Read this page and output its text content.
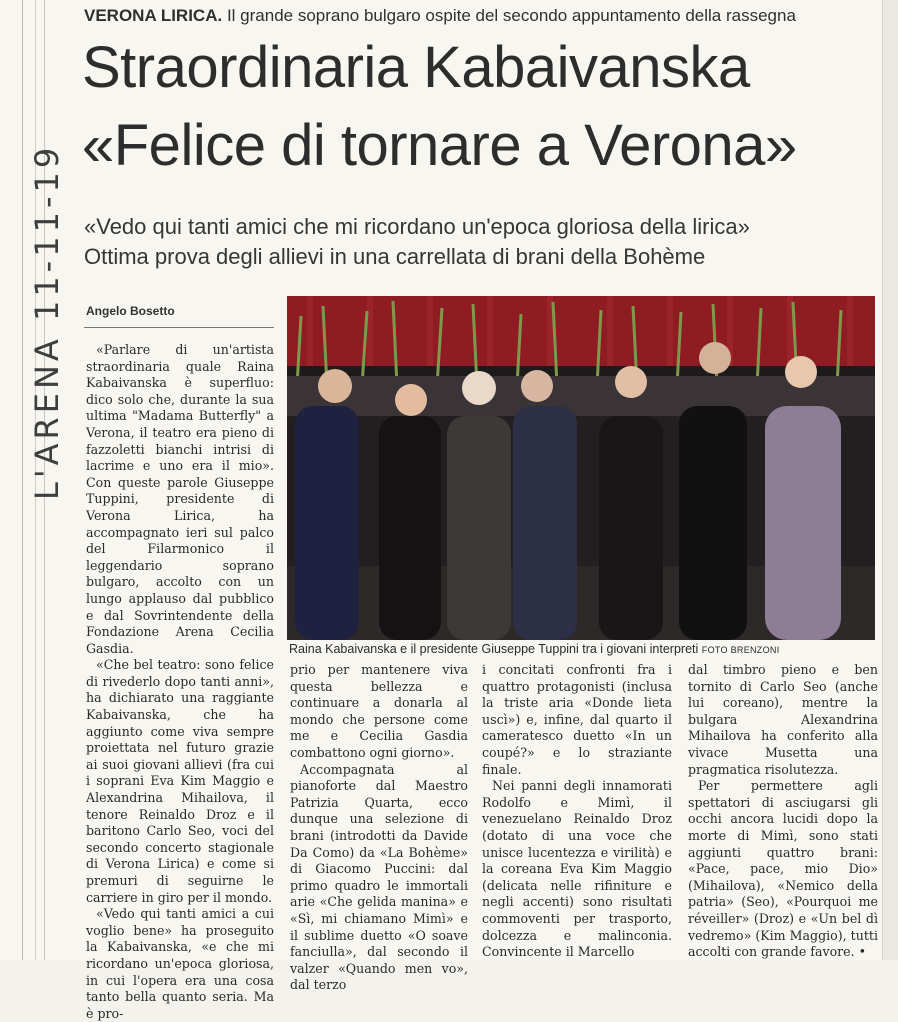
L'ARENA 11-11-19
VERONA LIRICA. Il grande soprano bulgaro ospite del secondo appuntamento della rassegna
Straordinaria Kabaivanska
«Felice di tornare a Verona»
«Vedo qui tanti amici che mi ricordano un'epoca gloriosa della lirica»
Ottima prova degli allievi in una carrellata di brani della Bohème
Angelo Bosetto

«Parlare di un'artista straordinaria quale Raina Kabaivanska è superfluo: dico solo che, durante la sua ultima "Madama Butterfly" a Verona, il teatro era pieno di fazzoletti bianchi intrisi di lacrime e uno era il mio». Con queste parole Giuseppe Tuppini, presidente di Verona Lirica, ha accompagnato ieri sul palco del Filarmonico il leggendario soprano bulgaro, accolto con un lungo applauso dal pubblico e dal Sovrintendente della Fondazione Arena Cecilia Gasdia.

«Che bel teatro: sono felice di rivederlo dopo tanti anni», ha dichiarato una raggiante Kabaivanska, che ha aggiunto come viva sempre proiettata nel futuro grazie ai suoi giovani allievi (fra cui i soprani Eva Kim Maggio e Alexandrina Mihailova, il tenore Reinaldo Droz e il baritono Carlo Seo, voci del secondo concerto stagionale di Verona Lirica) e come si premuri di seguirne le carriere in giro per il mondo.

«Vedo qui tanti amici a cui voglio bene» ha proseguito la Kabaivanska, «e che mi ricordano un'epoca gloriosa, in cui l'opera era una cosa tanto bella quanto seria. Ma è pro-

Raina Kabaivanska e il presidente Giuseppe Tuppini tra i giovani interpreti FOTO BRENZONI

prio per mantenere viva questa bellezza e continuare a donarla al mondo che persone come me e Cecilia Gasdia combattono ogni giorno».

Accompagnata al pianoforte dal Maestro Patrizia Quarta, ecco dunque una selezione di brani (introdotti da Davide Da Como) da «La Bohème» di Giacomo Puccini: dal primo quadro le immortali arie «Che gelida manina» e «Sì, mi chiamano Mimì» e il sublime duetto «O soave fanciulla», dal secondo il valzer «Quando men vo», dal terzo

i concitati confronti fra i quattro protagonisti (inclusa la triste aria «Donde lieta uscì») e, infine, dal quarto il cameratesco duetto «In un coupé?» e lo straziante finale.

Nei panni degli innamorati Rodolfo e Mimì, il venezuelano Reinaldo Droz (dotato di una voce che unisce lucentezza e virilità) e la coreana Eva Kim Maggio (delicata nelle rifiniture e negli accenti) sono risultati commoventi per trasporto, dolcezza e malinconia. Convincente il Marcello

dal timbro pieno e ben tornito di Carlo Seo (anche lui coreano), mentre la bulgara Alexandrina Mihailova ha conferito alla vivace Musetta una pragmatica risolutezza.

Per permettere agli spettatori di asciugarsi gli occhi ancora lucidi dopo la morte di Mimì, sono stati aggiunti quattro brani: «Pace, pace, mio Dio» (Mihailova), «Nemico della patria» (Seo), «Pourquoi me réveiller» (Droz) e «Un bel dì vedremo» (Kim Maggio), tutti accolti con grande favore. •
